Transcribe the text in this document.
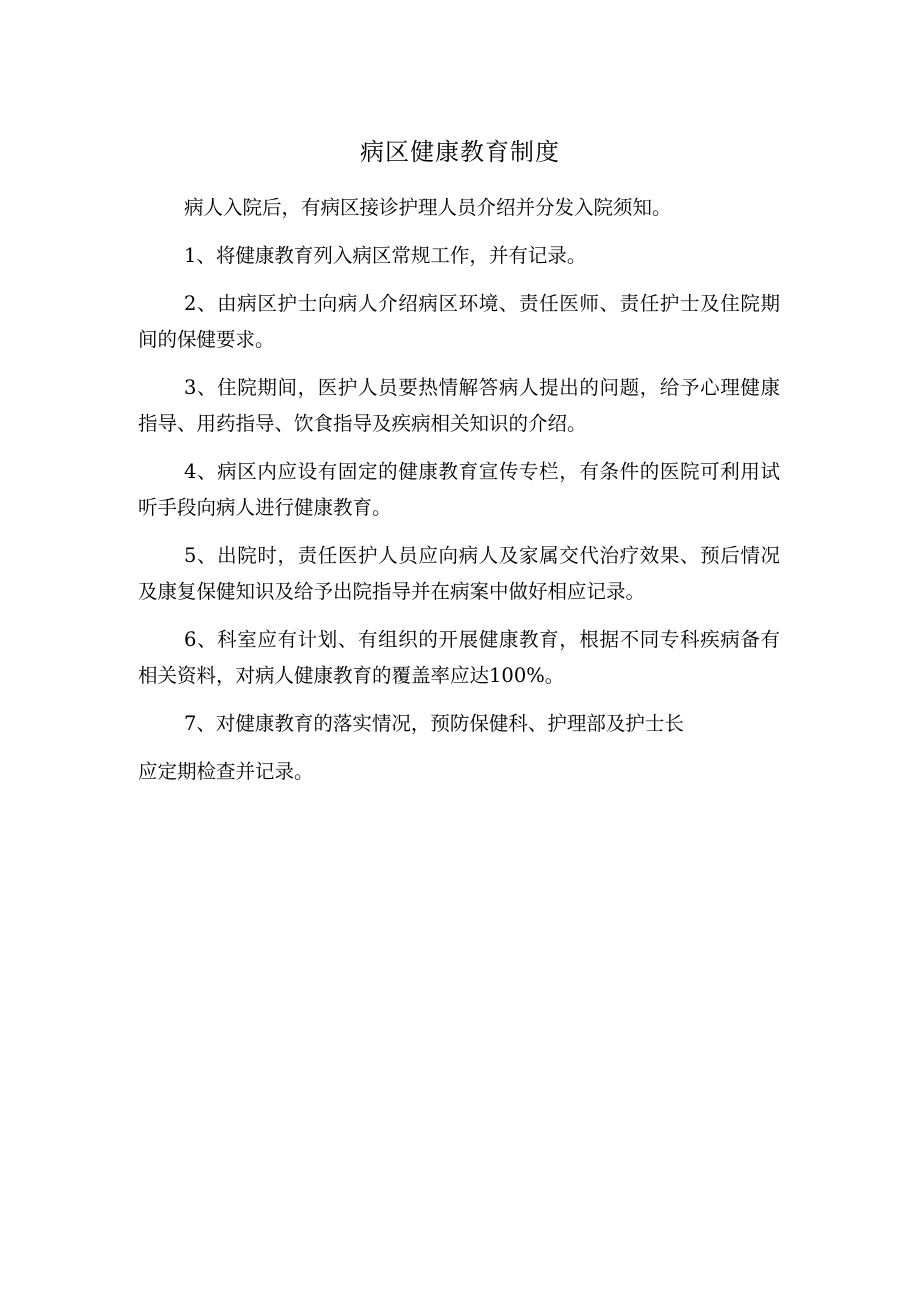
病区健康教育制度

病人入院后，有病区接诊护理人员介绍并分发入院须知。

1、将健康教育列入病区常规工作，并有记录。

2、由病区护士向病人介绍病区环境、责任医师、责任护士及住院期间的保健要求。

3、住院期间，医护人员要热情解答病人提出的问题，给予心理健康指导、用药指导、饮食指导及疾病相关知识的介绍。

4、病区内应设有固定的健康教育宣传专栏，有条件的医院可利用试听手段向病人进行健康教育。

5、出院时，责任医护人员应向病人及家属交代治疗效果、预后情况及康复保健知识及给予出院指导并在病案中做好相应记录。

6、科室应有计划、有组织的开展健康教育，根据不同专科疾病备有相关资料，对病人健康教育的覆盖率应达100%。

7、对健康教育的落实情况，预防保健科、护理部及护士长
应定期检查并记录。
